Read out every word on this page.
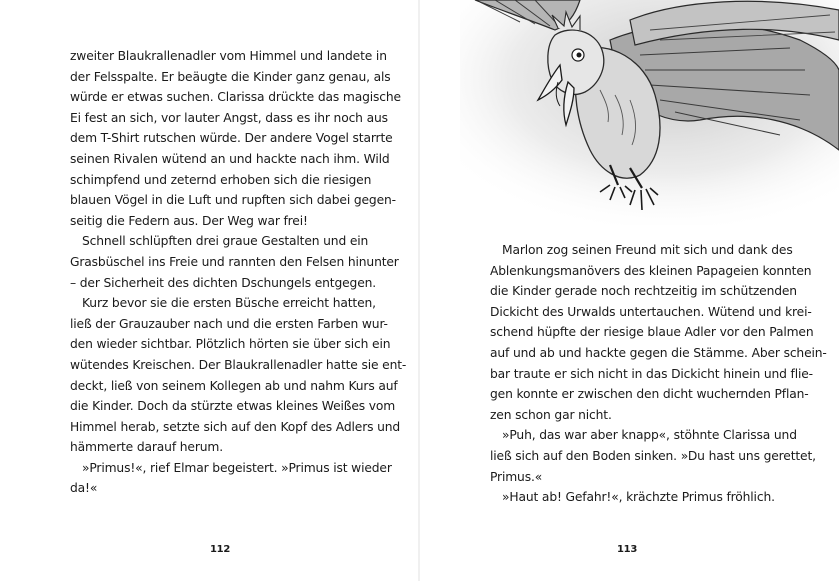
zweiter Blaukrallenadler vom Himmel und landete in
der Felsspalte. Er beäugte die Kinder ganz genau, als
würde er etwas suchen. Clarissa drückte das magische
Ei fest an sich, vor lauter Angst, dass es ihr noch aus
dem T-Shirt rutschen würde. Der andere Vogel starrte
seinen Rivalen wütend an und hackte nach ihm. Wild
schimpfend und zeternd erhoben sich die riesigen
blauen Vögel in die Luft und rupften sich dabei gegen-
seitig die Federn aus. Der Weg war frei!
Schnell schlüpften drei graue Gestalten und ein
Grasbüschel ins Freie und rannten den Felsen hinunter
– der Sicherheit des dichten Dschungels entgegen.
Kurz bevor sie die ersten Büsche erreicht hatten,
ließ der Grauzauber nach und die ersten Farben wur-
den wieder sichtbar. Plötzlich hörten sie über sich ein
wütendes Kreischen. Der Blaukrallenadler hatte sie ent-
deckt, ließ von seinem Kollegen ab und nahm Kurs auf
die Kinder. Doch da stürzte etwas kleines Weißes vom
Himmel herab, setzte sich auf den Kopf des Adlers und
hämmerte darauf herum.
»Primus!«, rief Elmar begeistert. »Primus ist wieder
da!«
112
Marlon zog seinen Freund mit sich und dank des
Ablenkungsmanövers des kleinen Papageien konnten
die Kinder gerade noch rechtzeitig im schützenden
Dickicht des Urwalds untertauchen. Wütend und krei-
schend hüpfte der riesige blaue Adler vor den Palmen
auf und ab und hackte gegen die Stämme. Aber schein-
bar traute er sich nicht in das Dickicht hinein und flie-
gen konnte er zwischen den dicht wuchernden Pflan-
zen schon gar nicht.
»Puh, das war aber knapp«, stöhnte Clarissa und
ließ sich auf den Boden sinken. »Du hast uns gerettet,
Primus.«
»Haut ab! Gefahr!«, krächzte Primus fröhlich.
113
